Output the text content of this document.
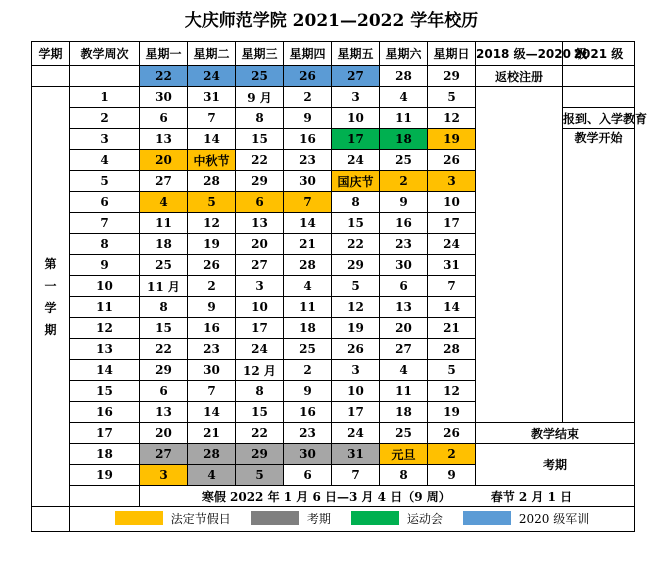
大庆师范学院 2021—2022 学年校历
学期	教学周次	星期一	星期二	星期三	星期四	星期五	星期六	星期日	2018 级—2020 级	2021 级
		22	24	25	26	27	28	29	返校注册	

第
一
学
期	1	30	31	9 月	2	3	4	5		
	2	6	7	8	9	10	11	12		报到、入学教育
	3	13	14	15	16	17	18	19		教学开始
	4	20	中秋节	22	23	24	25	26		
	5	27	28	29	30	国庆节	2	3		
	6	4	5	6	7	8	9	10		
	7	11	12	13	14	15	16	17		
	8	18	19	20	21	22	23	24		
	9	25	26	27	28	29	30	31		
	10	11 月	2	3	4	5	6	7		
	11	8	9	10	11	12	13	14		
	12	15	16	17	18	19	20	21		
	13	22	23	24	25	26	27	28		
	14	29	30	12 月	2	3	4	5		
	15	6	7	8	9	10	11	12		
	16	13	14	15	16	17	18	19		
	17	20	21	22	23	24	25	26	教学结束	
	18	27	28	29	30	31	元旦	2	考期	
	19	3	4	5	6	7	8	9		
		寒假 2022 年 1 月 6 日—3 月 4 日（9 周） 春节 2 月 1 日								

	法定节假日 考期 运动会 2020 级军训									
